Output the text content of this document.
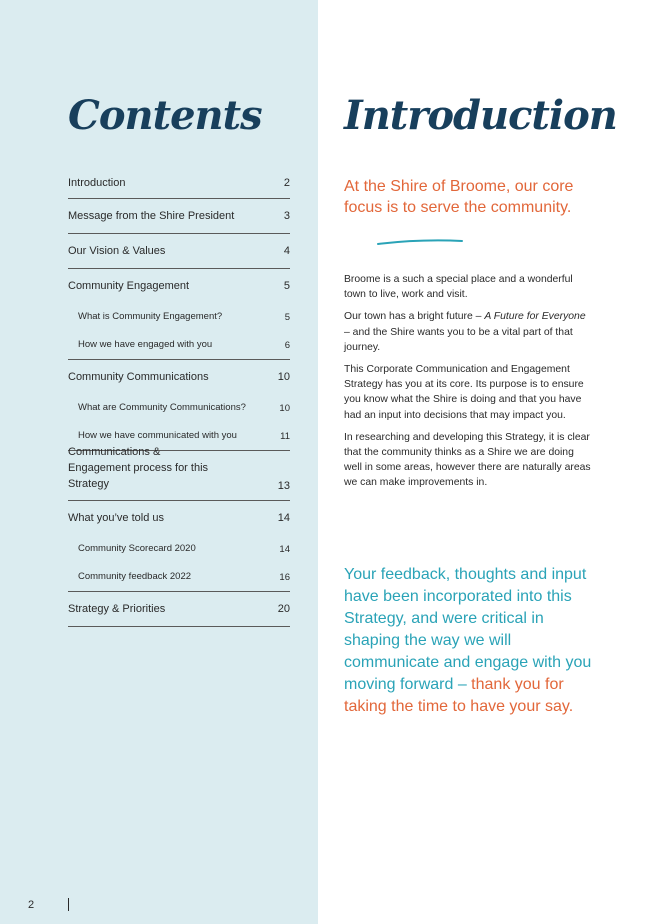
Contents
Introduction	2
Message from the Shire President	3
Our Vision & Values	4
Community Engagement	5
What is Community Engagement?	5
How we have engaged with you	6
Community Communications	10
What are Community Communications?	10
How we have communicated with you	11
Communications & Engagement process for this Strategy	13
What you’ve told us	14
Community Scorecard 2020	14
Community feedback 2022	16
Strategy & Priorities	20
Introduction

At the Shire of Broome, our core focus is to serve the community.

Broome is a such a special place and a wonderful town to live, work and visit.

Our town has a bright future – A Future for Everyone – and the Shire wants you to be a vital part of that journey.

This Corporate Communication and Engagement Strategy has you at its core. Its purpose is to ensure you know what the Shire is doing and that you have had an input into decisions that may impact you.

In researching and developing this Strategy, it is clear that the community thinks as a Shire we are doing well in some areas, however there are naturally areas we can make improvements in.

Your feedback, thoughts and input have been incorporated into this Strategy, and were critical in shaping the way we will communicate and engage with you moving forward – thank you for taking the time to have your say.
2
